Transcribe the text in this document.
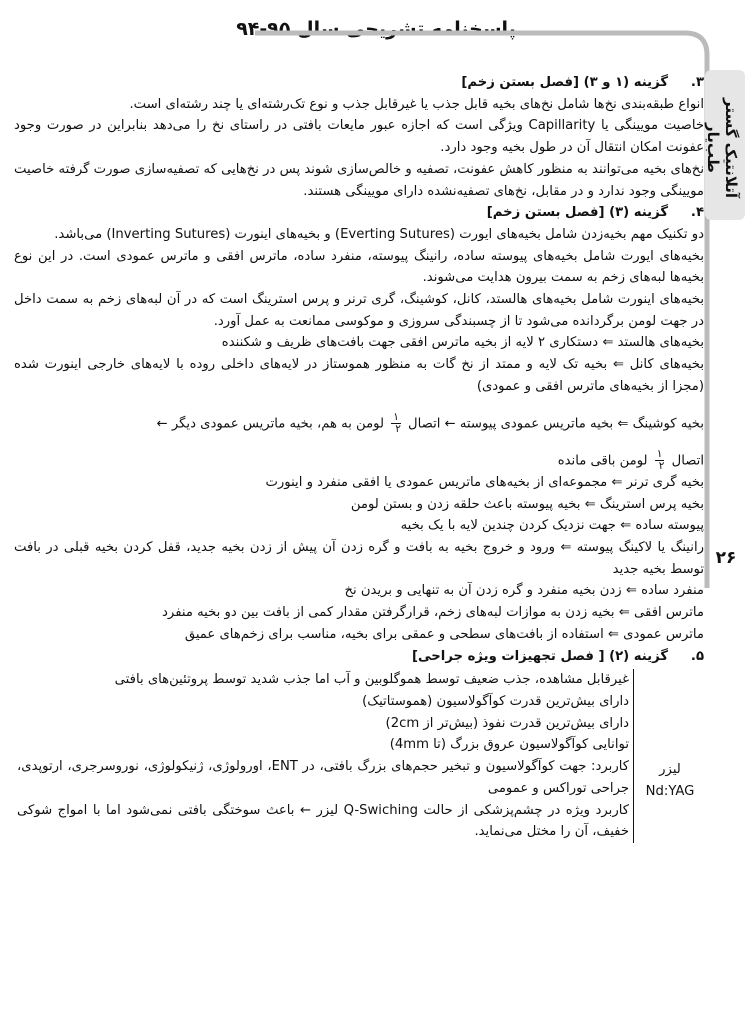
پاسخنامه تشریحی سال ۹۵-۹۴
آتلانتیک گستر طب‌یار
۲۶
۳.گزینه (۱ و ۳) [فصل بستن زخم]

انواع طبقه‌بندی نخ‌ها شامل نخ‌های بخیه قابل جذب یا غیرقابل جذب و نوع تک‌رشته‌ای یا چند رشته‌ای است.

خاصیت مویینگی یا Capillarity ویژگی است که اجازه عبور مایعات بافتی در راستای نخ را می‌دهد بنابراین در صورت وجود عفونت امکان انتقال آن در طول بخیه وجود دارد.

نخ‌های بخیه می‌توانند به منظور کاهش عفونت، تصفیه و خالص‌سازی شوند پس در نخ‌هایی که تصفیه‌سازی صورت گرفته خاصیت مویینگی وجود ندارد و در مقابل، نخ‌های تصفیه‌نشده دارای مویینگی هستند.

۴.گزینه (۳) [فصل بستن زخم]

دو تکنیک مهم بخیه‌زدن شامل بخیه‌های ایورت (Everting Sutures) و بخیه‌های اینورت (Inverting Sutures) می‌باشد.

بخیه‌های ایورت شامل بخیه‌های پیوسته ساده، رانینگ پیوسته، منفرد ساده، ماترس افقی و ماترس عمودی است. در این نوع بخیه‌ها لبه‌های زخم به سمت بیرون هدایت می‌شوند.

بخیه‌های اینورت شامل بخیه‌های هالستد، کانل، کوشینگ، گری ترنر و پرس استرینگ است که در آن لبه‌های زخم به سمت داخل در جهت لومن برگردانده می‌شود تا از چسبندگی سروزی و موکوسی ممانعت به عمل آورد.

بخیه‌های هالستد ⇐ دستکاری ۲ لایه از بخیه ماترس افقی جهت بافت‌های ظریف و شکننده

بخیه‌های کانل ⇐ بخیه تک لایه و ممتد از نخ گات به منظور هموستاز در لایه‌های داخلی روده با لایه‌های خارجی اینورت شده (مجزا از بخیه‌های ماترس افقی و عمودی)

بخیه کوشینگ ⇐ بخیه ماتریس عمودی پیوسته ← اتصال
$\frac{۱}{۲}$
لومن به هم، بخیه ماتریس عمودی دیگر ←

اتصال
$\frac{۱}{۲}$
لومن باقی مانده

بخیه گری ترنر ⇐ مجموعه‌ای از بخیه‌های ماتریس عمودی یا افقی منفرد و اینورت

بخیه پرس استرینگ ⇐ بخیه پیوسته باعث حلقه زدن و بستن لومن

پیوسته ساده ⇐ جهت نزدیک کردن چندین لایه با یک بخیه

رانینگ یا لاکینگ پیوسته ⇐ ورود و خروج بخیه به بافت و گره زدن آن پیش از زدن بخیه جدید، قفل کردن بخیه قبلی در بافت توسط بخیه جدید

منفرد ساده ⇐ زدن بخیه منفرد و گره زدن آن به تنهایی و بریدن نخ

ماترس افقی ⇐ بخیه زدن به موازات لبه‌های زخم، قرارگرفتن مقدار کمی از بافت بین دو بخیه منفرد

ماترس عمودی ⇐ استفاده از بافت‌های سطحی و عمقی برای بخیه، مناسب برای زخم‌های عمیق

۵.گزینه (۲) [ فصل تجهیزات ویژه جراحی]
لیزر
Nd:YAG

غیرقابل مشاهده، جذب ضعیف توسط هموگلوبین و آب اما جذب شدید توسط پروتئین‌های بافتی

دارای بیش‌ترین قدرت کوآگولاسیون (هموستاتیک)

دارای بیش‌ترین قدرت نفوذ (بیش‌تر از 2cm)

توانایی کوآگولاسیون عروق بزرگ (تا 4mm)

کاربرد: جهت کوآگولاسیون و تبخیر حجم‌های بزرگ بافتی، در ENT، اورولوژی، ژنیکولوژی، نوروسرجری، ارتوپدی، جراحی توراکس و عمومی

کاربرد ویژه در چشم‌پزشکی از حالت Q-Swiching لیزر ← باعث سوختگی بافتی نمی‌شود اما با امواج شوکی خفیف، آن را مختل می‌نماید.
